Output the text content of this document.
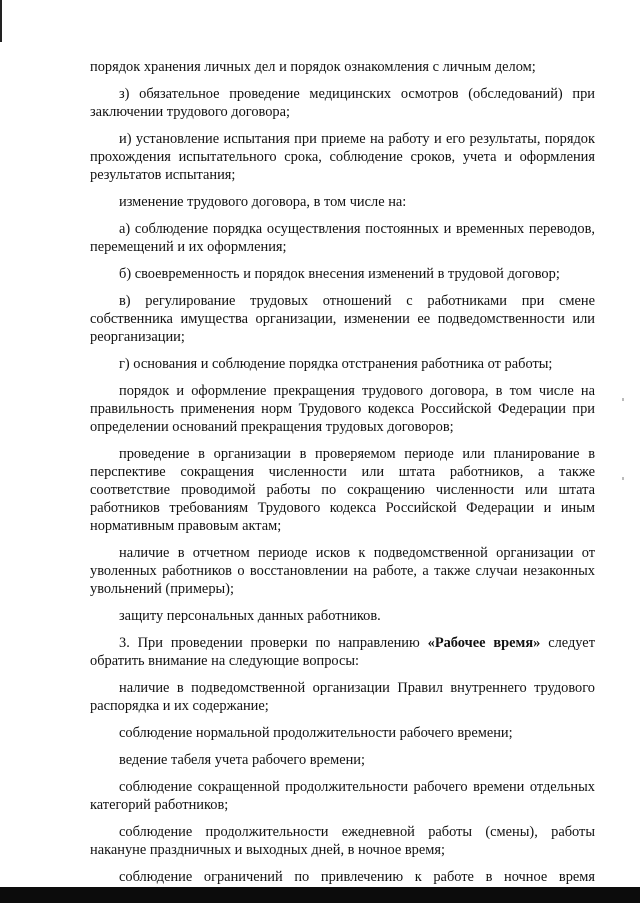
порядок хранения личных дел и порядок ознакомления с личным делом;

з) обязательное проведение медицинских осмотров (обследований) при заключении трудового договора;

и) установление испытания при приеме на работу и его результаты, порядок прохождения испытательного срока, соблюдение сроков, учета и оформления результатов испытания;

изменение трудового договора, в том числе на:

а) соблюдение порядка осуществления постоянных и временных переводов, перемещений и их оформления;

б) своевременность и порядок внесения изменений в трудовой договор;

в) регулирование трудовых отношений с работниками при смене собственника имущества организации, изменении ее подведомственности или реорганизации;

г) основания и соблюдение порядка отстранения работника от работы;

порядок и оформление прекращения трудового договора, в том числе на правильность применения норм Трудового кодекса Российской Федерации при определении оснований прекращения трудовых договоров;

проведение в организации в проверяемом периоде или планирование в перспективе сокращения численности или штата работников, а также соответствие проводимой работы по сокращению численности или штата работников требованиям Трудового кодекса Российской Федерации и иным нормативным правовым актам;

наличие в отчетном периоде исков к подведомственной организации от уволенных работников о восстановлении на работе, а также случаи незаконных увольнений (примеры);

защиту персональных данных работников.

3. При проведении проверки по направлению «Рабочее время» следует обратить внимание на следующие вопросы:

наличие в подведомственной организации Правил внутреннего трудового распорядка и их содержание;

соблюдение нормальной продолжительности рабочего времени;

ведение табеля учета рабочего времени;

соблюдение сокращенной продолжительности рабочего времени отдельных категорий работников;

соблюдение продолжительности ежедневной работы (смены), работы накануне праздничных и выходных дней, в ночное время;

соблюдение ограничений по привлечению к работе в ночное время
